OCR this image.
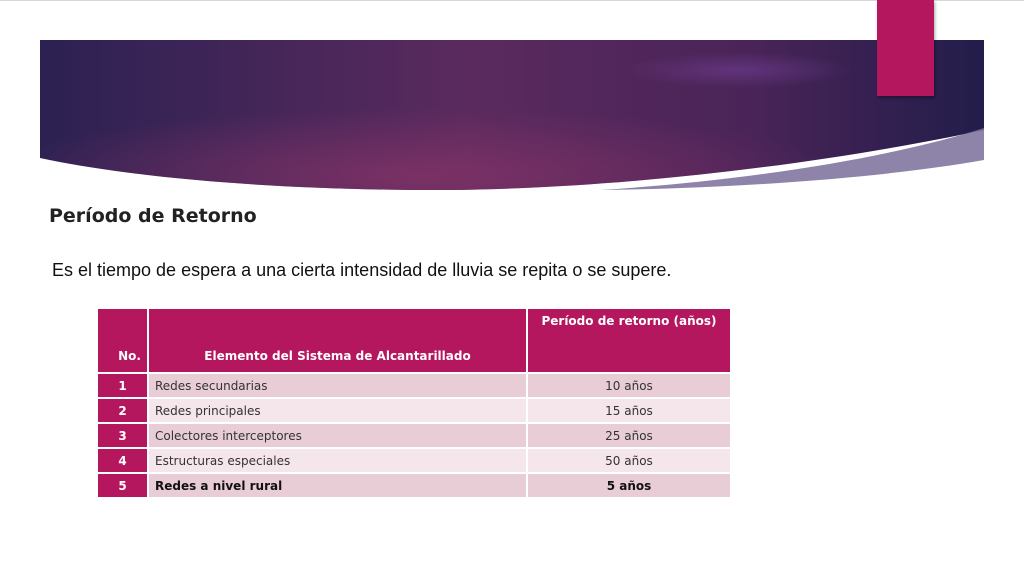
Período de Retorno
Es el tiempo de espera a una cierta intensidad de lluvia se repita o se supere.
No.	Elemento del Sistema de Alcantarillado	Período de retorno (años)
1	Redes secundarias	10 años
2	Redes principales	15 años
3	Colectores interceptores	25 años
4	Estructuras especiales	50 años
5	Redes a nivel rural	5 años
